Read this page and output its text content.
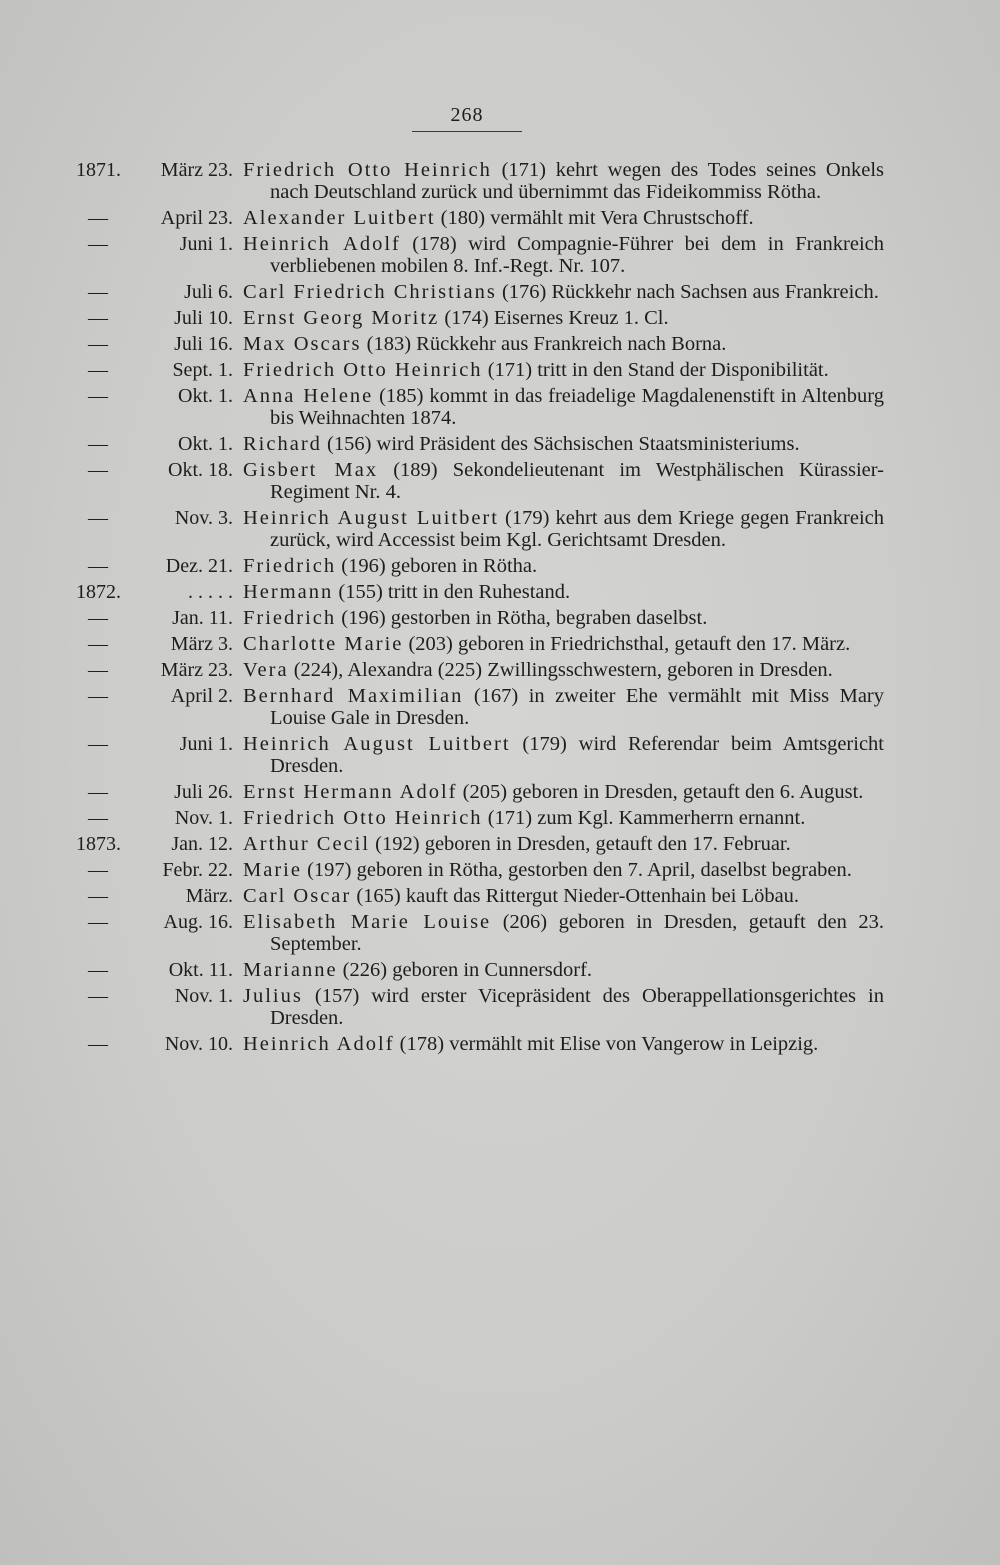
268
1871.	März 23. Friedrich Otto Heinrich (171) kehrt wegen des Todes seines Onkels nach Deutschland zurück und übernimmt das Fideikommiss Rötha.
—	April 23. Alexander Luitbert (180) vermählt mit Vera Chrustschoff.
—	Juni 1. Heinrich Adolf (178) wird Compagnie-Führer bei dem in Frankreich verbliebenen mobilen 8. Inf.-Regt. Nr. 107.
—	Juli 6. Carl Friedrich Christians (176) Rückkehr nach Sachsen aus Frankreich.
—	Juli 10. Ernst Georg Moritz (174) Eisernes Kreuz 1. Cl.
—	Juli 16. Max Oscars (183) Rückkehr aus Frankreich nach Borna.
—	Sept. 1. Friedrich Otto Heinrich (171) tritt in den Stand der Disponibilität.
—	Okt. 1. Anna Helene (185) kommt in das freiadelige Magdalenenstift in Altenburg bis Weihnachten 1874.
—	Okt. 1. Richard (156) wird Präsident des Sächsischen Staatsministeriums.
—	Okt. 18. Gisbert Max (189) Sekondelieutenant im Westphälischen Kürassier-Regiment Nr. 4.
—	Nov. 3. Heinrich August Luitbert (179) kehrt aus dem Kriege gegen Frankreich zurück, wird Accessist beim Kgl. Gerichtsamt Dresden.
—	Dez. 21. Friedrich (196) geboren in Rötha.
1872.	. . . . . Hermann (155) tritt in den Ruhestand.
—	Jan. 11. Friedrich (196) gestorben in Rötha, begraben daselbst.
—	März 3. Charlotte Marie (203) geboren in Friedrichsthal, getauft den 17. März.
—	März 23. Vera (224), Alexandra (225) Zwillingsschwestern, geboren in Dresden.
—	April 2. Bernhard Maximilian (167) in zweiter Ehe vermählt mit Miss Mary Louise Gale in Dresden.
—	Juni 1. Heinrich August Luitbert (179) wird Referendar beim Amtsgericht Dresden.
—	Juli 26. Ernst Hermann Adolf (205) geboren in Dresden, getauft den 6. August.
—	Nov. 1. Friedrich Otto Heinrich (171) zum Kgl. Kammerherrn ernannt.
1873.	Jan. 12. Arthur Cecil (192) geboren in Dresden, getauft den 17. Februar.
—	Febr. 22. Marie (197) geboren in Rötha, gestorben den 7. April, daselbst begraben.
—	März. Carl Oscar (165) kauft das Rittergut Nieder-Ottenhain bei Löbau.
—	Aug. 16. Elisabeth Marie Louise (206) geboren in Dresden, getauft den 23. September.
—	Okt. 11. Marianne (226) geboren in Cunnersdorf.
—	Nov. 1. Julius (157) wird erster Vicepräsident des Oberappellationsgerichtes in Dresden.
—	Nov. 10. Heinrich Adolf (178) vermählt mit Elise von Vangerow in Leipzig.
